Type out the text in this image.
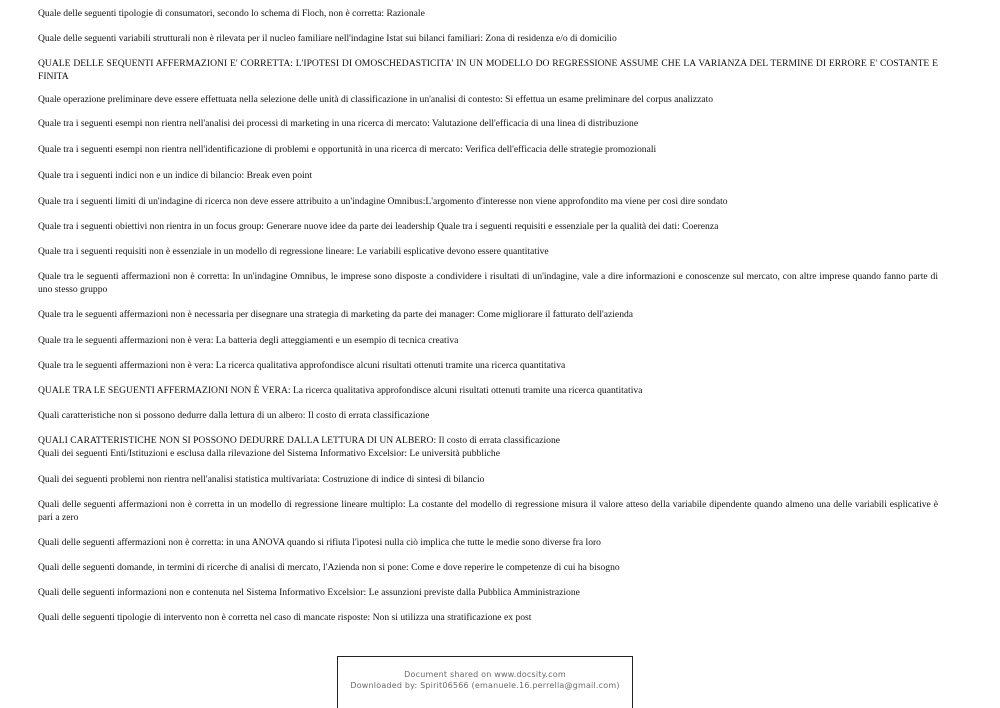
Quale delle seguenti tipologie di consumatori, secondo lo schema di Floch, non è corretta: Razionale

Quale delle seguenti variabili strutturali non è rilevata per il nucleo familiare nell'indagine Istat sui bilanci familiari: Zona di residenza e/o di domicilio

QUALE DELLE SEQUENTI AFFERMAZIONI E' CORRETTA: L'IPOTESI DI OMOSCHEDASTICITA' IN UN MODELLO DO REGRESSIONE ASSUME CHE LA VARIANZA DEL TERMINE DI ERRORE E' COSTANTE E FINITA

Quale operazione preliminare deve essere effettuata nella selezione delle unità di classificazione in un'analisi di contesto: Si effettua un esame preliminare del corpus analizzato

Quale tra i seguenti esempi non rientra nell'analisi dei processi di marketing in una ricerca di mercato: Valutazione dell'efficacia di una linea di distribuzione

Quale tra i seguenti esempi non rientra nell'identificazione di problemi e opportunità in una ricerca di mercato: Verifica dell'efficacia delle strategie promozionali

Quale tra i seguenti indici non e un indice di bilancio: Break even point

Quale tra i seguenti limiti di un'indagine di ricerca non deve essere attribuito a un'indagine Omnibus:L'argomento d'interesse non viene approfondito ma viene per così dire sondato

Quale tra i seguenti obiettivi non rientra in un focus group: Generare nuove idee da parte dei leadership Quale tra i seguenti requisiti e essenziale per la qualità dei dati: Coerenza

Quale tra i seguenti requisiti non è essenziale in un modello di regressione lineare: Le variabili esplicative devono essere quantitative

Quale tra le seguenti affermazioni non è corretta: In un'indagine Omnibus, le imprese sono disposte a condividere i risultati di un'indagine, vale a dire informazioni e conoscenze sul mercato, con altre imprese quando fanno parte di uno stesso gruppo

Quale tra le seguenti affermazioni non è necessaria per disegnare una strategia di marketing da parte dei manager: Come migliorare il fatturato dell'azienda

Quale tra le seguenti affermazioni non è vera: La batteria degli atteggiamenti e un esempio di tecnica creativa

Quale tra le seguenti affermazioni non è vera: La ricerca qualitativa approfondisce alcuni risultati ottenuti tramite una ricerca quantitativa

QUALE TRA LE SEGUENTI AFFERMAZIONI NON È VERA: La ricerca qualitativa approfondisce alcuni risultati ottenuti tramite una ricerca quantitativa

Quali caratteristiche non si possono dedurre dalla lettura di un albero: Il costo di errata classificazione

QUALI CARATTERISTICHE NON SI POSSONO DEDURRE DALLA LETTURA DI UN ALBERO: Il costo di errata classificazione

Quali dei seguenti Enti/Istituzioni e esclusa dalla rilevazione del Sistema Informativo Excelsior: Le università pubbliche

Quali dei seguenti problemi non rientra nell'analisi statistica multivariata: Costruzione di indice di sintesi di bilancio

Quali delle seguenti affermazioni non è corretta in un modello di regressione lineare multiplo: La costante del modello di regressione misura il valore atteso della variabile dipendente quando almeno una delle variabili esplicative è pari a zero

Quali delle seguenti affermazioni non è corretta: in una ANOVA quando si rifiuta l'ipotesi nulla ciò implica che tutte le medie sono diverse fra loro

Quali delle seguenti domande, in termini di ricerche di analisi di mercato, l'Azienda non si pone: Come e dove reperire le competenze di cui ha bisogno

Quali delle seguenti informazioni non e contenuta nel Sistema Informativo Excelsior: Le assunzioni previste dalla Pubblica Amministrazione

Quali delle seguenti tipologie di intervento non è corretta nel caso di mancate risposte: Non si utilizza una stratificazione ex post

Document shared on www.docsity.com
Downloaded by: Spirit06566 (emanuele.16.perrella@gmail.com)
